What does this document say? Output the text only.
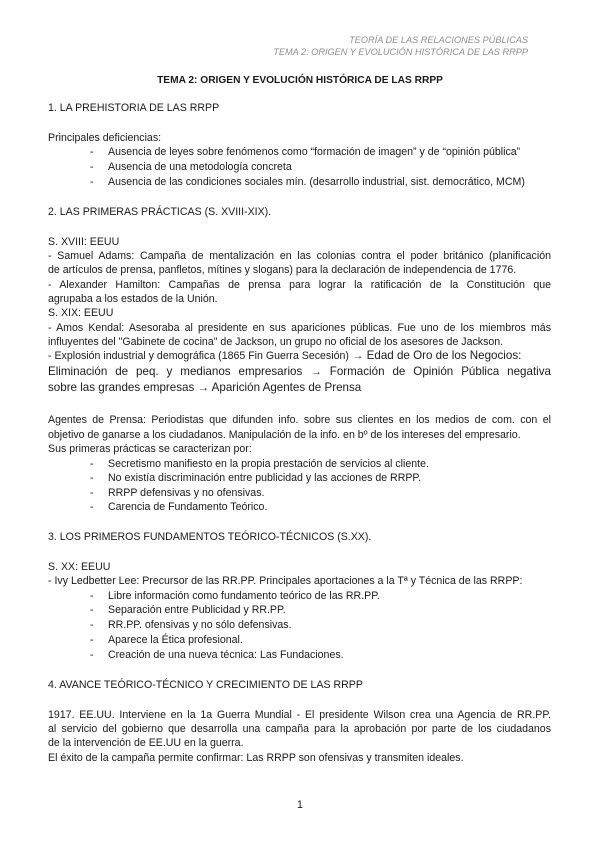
TEORÍA DE LAS RELACIONES PÚBLICAS
TEMA 2: ORIGEN Y EVOLUCIÓN HISTÓRICA DE LAS RRPP
TEMA 2: ORIGEN Y EVOLUCIÓN HISTÓRICA DE LAS RRPP
1. LA PREHISTORIA DE LAS RRPP
Principales deficiencias:
- Ausencia de leyes sobre fenómenos como “formación de imagen” y de “opinión pública”
- Ausencia de una metodología concreta
- Ausencia de las condiciones sociales mín. (desarrollo industrial, sist. democrático, MCM)
2. LAS PRIMERAS PRÁCTICAS (S. XVIII-XIX).
S. XVIII: EEUU
- Samuel Adams: Campaña de mentalización en las colonias contra el poder británico (planificación
de artículos de prensa, panfletos, mítines y slogans) para la declaración de independencia de 1776.
- Alexander Hamilton: Campañas de prensa para lograr la ratificación de la Constitución que
agrupaba a los estados de la Unión.
S. XIX: EEUU
- Amos Kendal: Asesoraba al presidente en sus apariciones públicas. Fue uno de los miembros más
influyentes del "Gabinete de cocina" de Jackson, un grupo no oficial de los asesores de Jackson.
- Explosión industrial y demográfica (1865 Fin Guerra Secesión) → Edad de Oro de los Negocios:
Eliminación de peq. y medianos empresarios → Formación de Opinión Pública negativa
sobre las grandes empresas → Aparición Agentes de Prensa
Agentes de Prensa: Periodistas que difunden info. sobre sus clientes en los medios de com. con el
objetivo de ganarse a los ciudadanos. Manipulación de la info. en bº de los intereses del empresario.
Sus primeras prácticas se caracterizan por:
- Secretismo manifiesto en la propia prestación de servicios al cliente.
- No existía discriminación entre publicidad y las acciones de RRPP.
- RRPP defensivas y no ofensivas.
- Carencia de Fundamento Teórico.
3. LOS PRIMEROS FUNDAMENTOS TEÓRICO-TÉCNICOS (S.XX).
S. XX: EEUU
- Ivy Ledbetter Lee: Precursor de las RR.PP. Principales aportaciones a la Tª y Técnica de las RRPP:
- Libre información como fundamento teórico de las RR.PP.
- Separación entre Publicidad y RR.PP.
- RR.PP. ofensivas y no sólo defensivas.
- Aparece la Ética profesional.
- Creación de una nueva técnica: Las Fundaciones.
4. AVANCE TEÓRICO-TÉCNICO Y CRECIMIENTO DE LAS RRPP
1917. EE.UU. Interviene en la 1a Guerra Mundial - El presidente Wilson crea una Agencia de RR.PP.
al servicio del gobierno que desarrolla una campaña para la aprobación por parte de los ciudadanos
de la intervención de EE.UU en la guerra.
El éxito de la campaña permite confirmar: Las RRPP son ofensivas y transmiten ideales.
1
